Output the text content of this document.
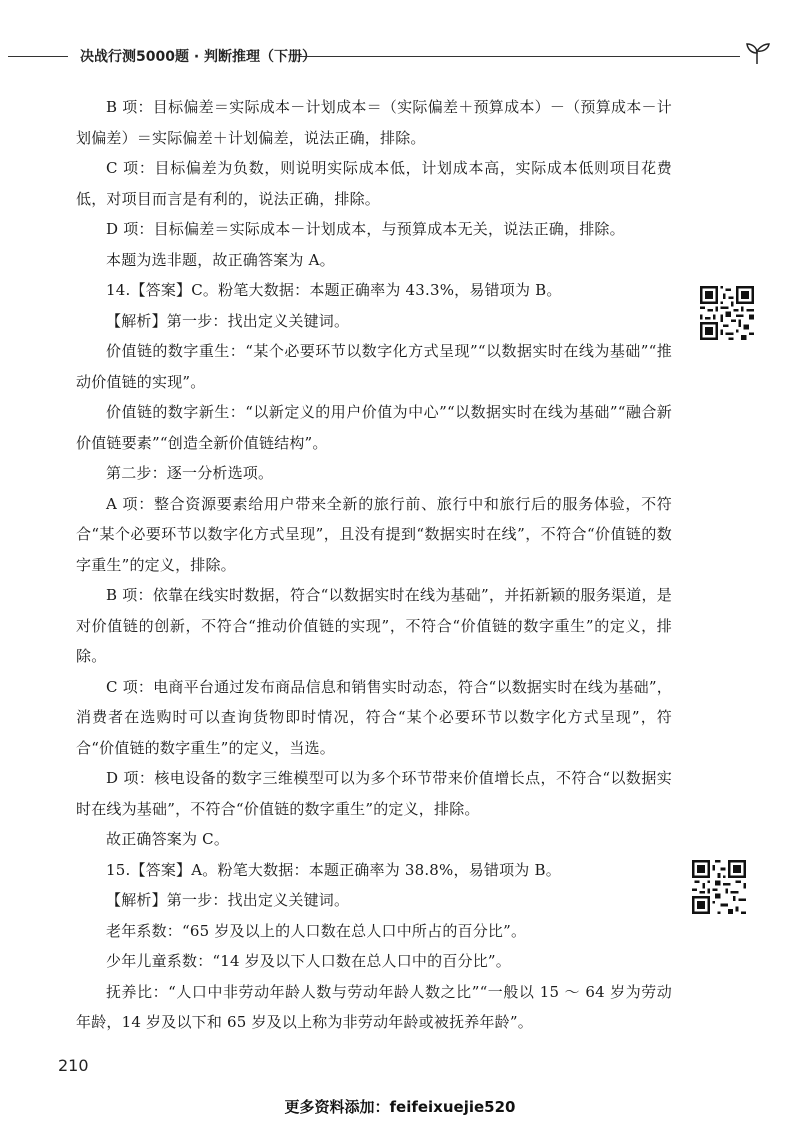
决战行测5000题 · 判断推理（下册）

B 项：目标偏差＝实际成本－计划成本＝（实际偏差＋预算成本）－（预算成本－计划偏差）＝实际偏差＋计划偏差，说法正确，排除。

C 项：目标偏差为负数，则说明实际成本低，计划成本高，实际成本低则项目花费低，对项目而言是有利的，说法正确，排除。

D 项：目标偏差＝实际成本－计划成本，与预算成本无关，说法正确，排除。

本题为选非题，故正确答案为 A。

14.【答案】C。粉笔大数据：本题正确率为 43.3%，易错项为 B。

【解析】第一步：找出定义关键词。

价值链的数字重生：“某个必要环节以数字化方式呈现”“以数据实时在线为基础”“推动价值链的实现”。

价值链的数字新生：“以新定义的用户价值为中心”“以数据实时在线为基础”“融合新价值链要素”“创造全新价值链结构”。

第二步：逐一分析选项。

A 项：整合资源要素给用户带来全新的旅行前、旅行中和旅行后的服务体验，不符合“某个必要环节以数字化方式呈现”，且没有提到“数据实时在线”，不符合“价值链的数字重生”的定义，排除。

B 项：依靠在线实时数据，符合“以数据实时在线为基础”，并拓新颖的服务渠道，是对价值链的创新，不符合“推动价值链的实现”，不符合“价值链的数字重生”的定义，排除。

C 项：电商平台通过发布商品信息和销售实时动态，符合“以数据实时在线为基础”，消费者在选购时可以查询货物即时情况，符合“某个必要环节以数字化方式呈现”，符合“价值链的数字重生”的定义，当选。

D 项：核电设备的数字三维模型可以为多个环节带来价值增长点，不符合“以数据实时在线为基础”，不符合“价值链的数字重生”的定义，排除。

故正确答案为 C。

15.【答案】A。粉笔大数据：本题正确率为 38.8%，易错项为 B。

【解析】第一步：找出定义关键词。

老年系数：“65 岁及以上的人口数在总人口中所占的百分比”。

少年儿童系数：“14 岁及以下人口数在总人口中的百分比”。

抚养比：“人口中非劳动年龄人数与劳动年龄人数之比”“一般以 15 ～ 64 岁为劳动年龄，14 岁及以下和 65 岁及以上称为非劳动年龄或被抚养年龄”。

210
更多资料添加：feifeixuejie520
